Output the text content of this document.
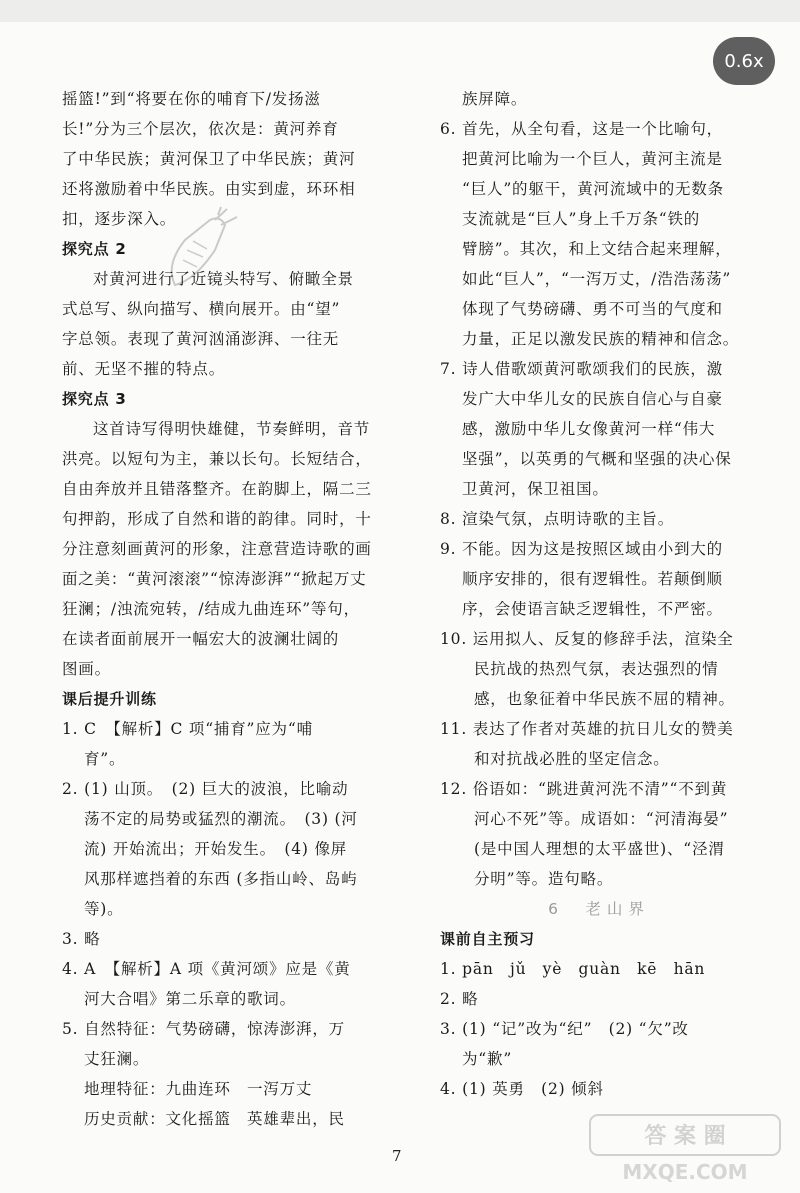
0.6x
摇篮!”到“将要在你的哺育下/发扬滋
长!”分为三个层次，依次是：黄河养育
了中华民族；黄河保卫了中华民族；黄河
还将激励着中华民族。由实到虚，环环相
扣，逐步深入。
探究点 2
对黄河进行了近镜头特写、俯瞰全景
式总写、纵向描写、横向展开。由“望”
字总领。表现了黄河汹涌澎湃、一往无
前、无坚不摧的特点。
探究点 3
这首诗写得明快雄健，节奏鲜明，音节
洪亮。以短句为主，兼以长句。长短结合，
自由奔放并且错落整齐。在韵脚上，隔二三
句押韵，形成了自然和谐的韵律。同时，十
分注意刻画黄河的形象，注意营造诗歌的画
面之美：“黄河滚滚”“惊涛澎湃”“掀起万丈
狂澜；/浊流宛转，/结成九曲连环”等句，
在读者面前展开一幅宏大的波澜壮阔的
图画。
课后提升训练
1. C　【解析】C 项“捕育”应为“哺
育”。
2. (1) 山顶。　(2) 巨大的波浪，比喻动
荡不定的局势或猛烈的潮流。　(3) (河
流) 开始流出；开始发生。　(4) 像屏
风那样遮挡着的东西 (多指山岭、岛屿
等)。
3. 略
4. A　【解析】A 项《黄河颂》应是《黄
河大合唱》第二乐章的歌词。
5. 自然特征：气势磅礴，惊涛澎湃，万
丈狂澜。
地理特征：九曲连环　一泻万丈
历史贡献：文化摇篮　英雄辈出，民
族屏障。
6. 首先，从全句看，这是一个比喻句，
把黄河比喻为一个巨人，黄河主流是
“巨人”的躯干，黄河流域中的无数条
支流就是“巨人”身上千万条“铁的
臂膀”。其次，和上文结合起来理解，
如此“巨人”，“一泻万丈，/浩浩荡荡”
体现了气势磅礴、勇不可当的气度和
力量，正足以激发民族的精神和信念。
7. 诗人借歌颂黄河歌颂我们的民族，激
发广大中华儿女的民族自信心与自豪
感，激励中华儿女像黄河一样“伟大
坚强”，以英勇的气概和坚强的决心保
卫黄河，保卫祖国。
8. 渲染气氛，点明诗歌的主旨。
9. 不能。因为这是按照区域由小到大的
顺序安排的，很有逻辑性。若颠倒顺
序，会使语言缺乏逻辑性，不严密。
10. 运用拟人、反复的修辞手法，渲染全
民抗战的热烈气氛，表达强烈的情
感，也象征着中华民族不屈的精神。
11. 表达了作者对英雄的抗日儿女的赞美
和对抗战必胜的坚定信念。
12. 俗语如：“跳进黄河洗不清”“不到黄
河心不死”等。成语如：“河清海晏”
(是中国人理想的太平盛世)、“泾渭
分明”等。造句略。
6　老山界
课前自主预习
1. pān　jǔ　yè　guàn　kē　hān
2. 略
3. (1) “记”改为“纪”　(2) “欠”改
为“歉”
4. (1) 英勇　(2) 倾斜
7
答 案 圈
MXQE.COM
